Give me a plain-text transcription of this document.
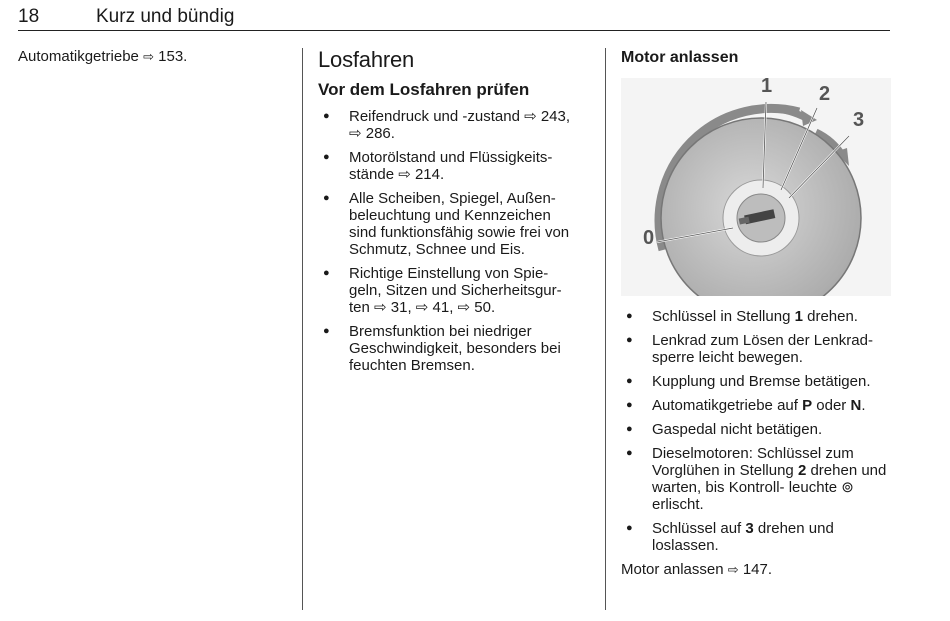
18	Kurz und bündig
Automatikgetriebe ⇨ 153.	Losfahren
Vor dem Losfahren prüfen
● Reifendruck und -zustand ⇨ 243,
⇨ 286.
● Motorölstand und Flüssigkeits-
stände ⇨ 214.
● Alle Scheiben, Spiegel, Außen-
beleuchtung und Kennzeichen
sind funktionsfähig sowie frei von
Schmutz, Schnee und Eis.
● Richtige Einstellung von Spie-
geln, Sitzen und Sicherheitsgur-
ten ⇨ 31, ⇨ 41, ⇨ 50.
● Bremsfunktion bei niedriger
Geschwindigkeit, besonders bei
feuchten Bremsen.
Motor anlassen
0
1 2
3
● Schlüssel in Stellung 1 drehen.
● Lenkrad zum Lösen der Lenkrad- sperre leicht bewegen.
● Kupplung und Bremse betätigen.
● Automatikgetriebe auf P oder N.
● Gaspedal nicht betätigen.
● Dieselmotoren: Schlüssel zum Vorglühen in Stellung 2 drehen und warten, bis Kontroll- leuchte ⊚ erlischt.
● Schlüssel auf 3 drehen und loslassen.
Motor anlassen ⇨ 147.
